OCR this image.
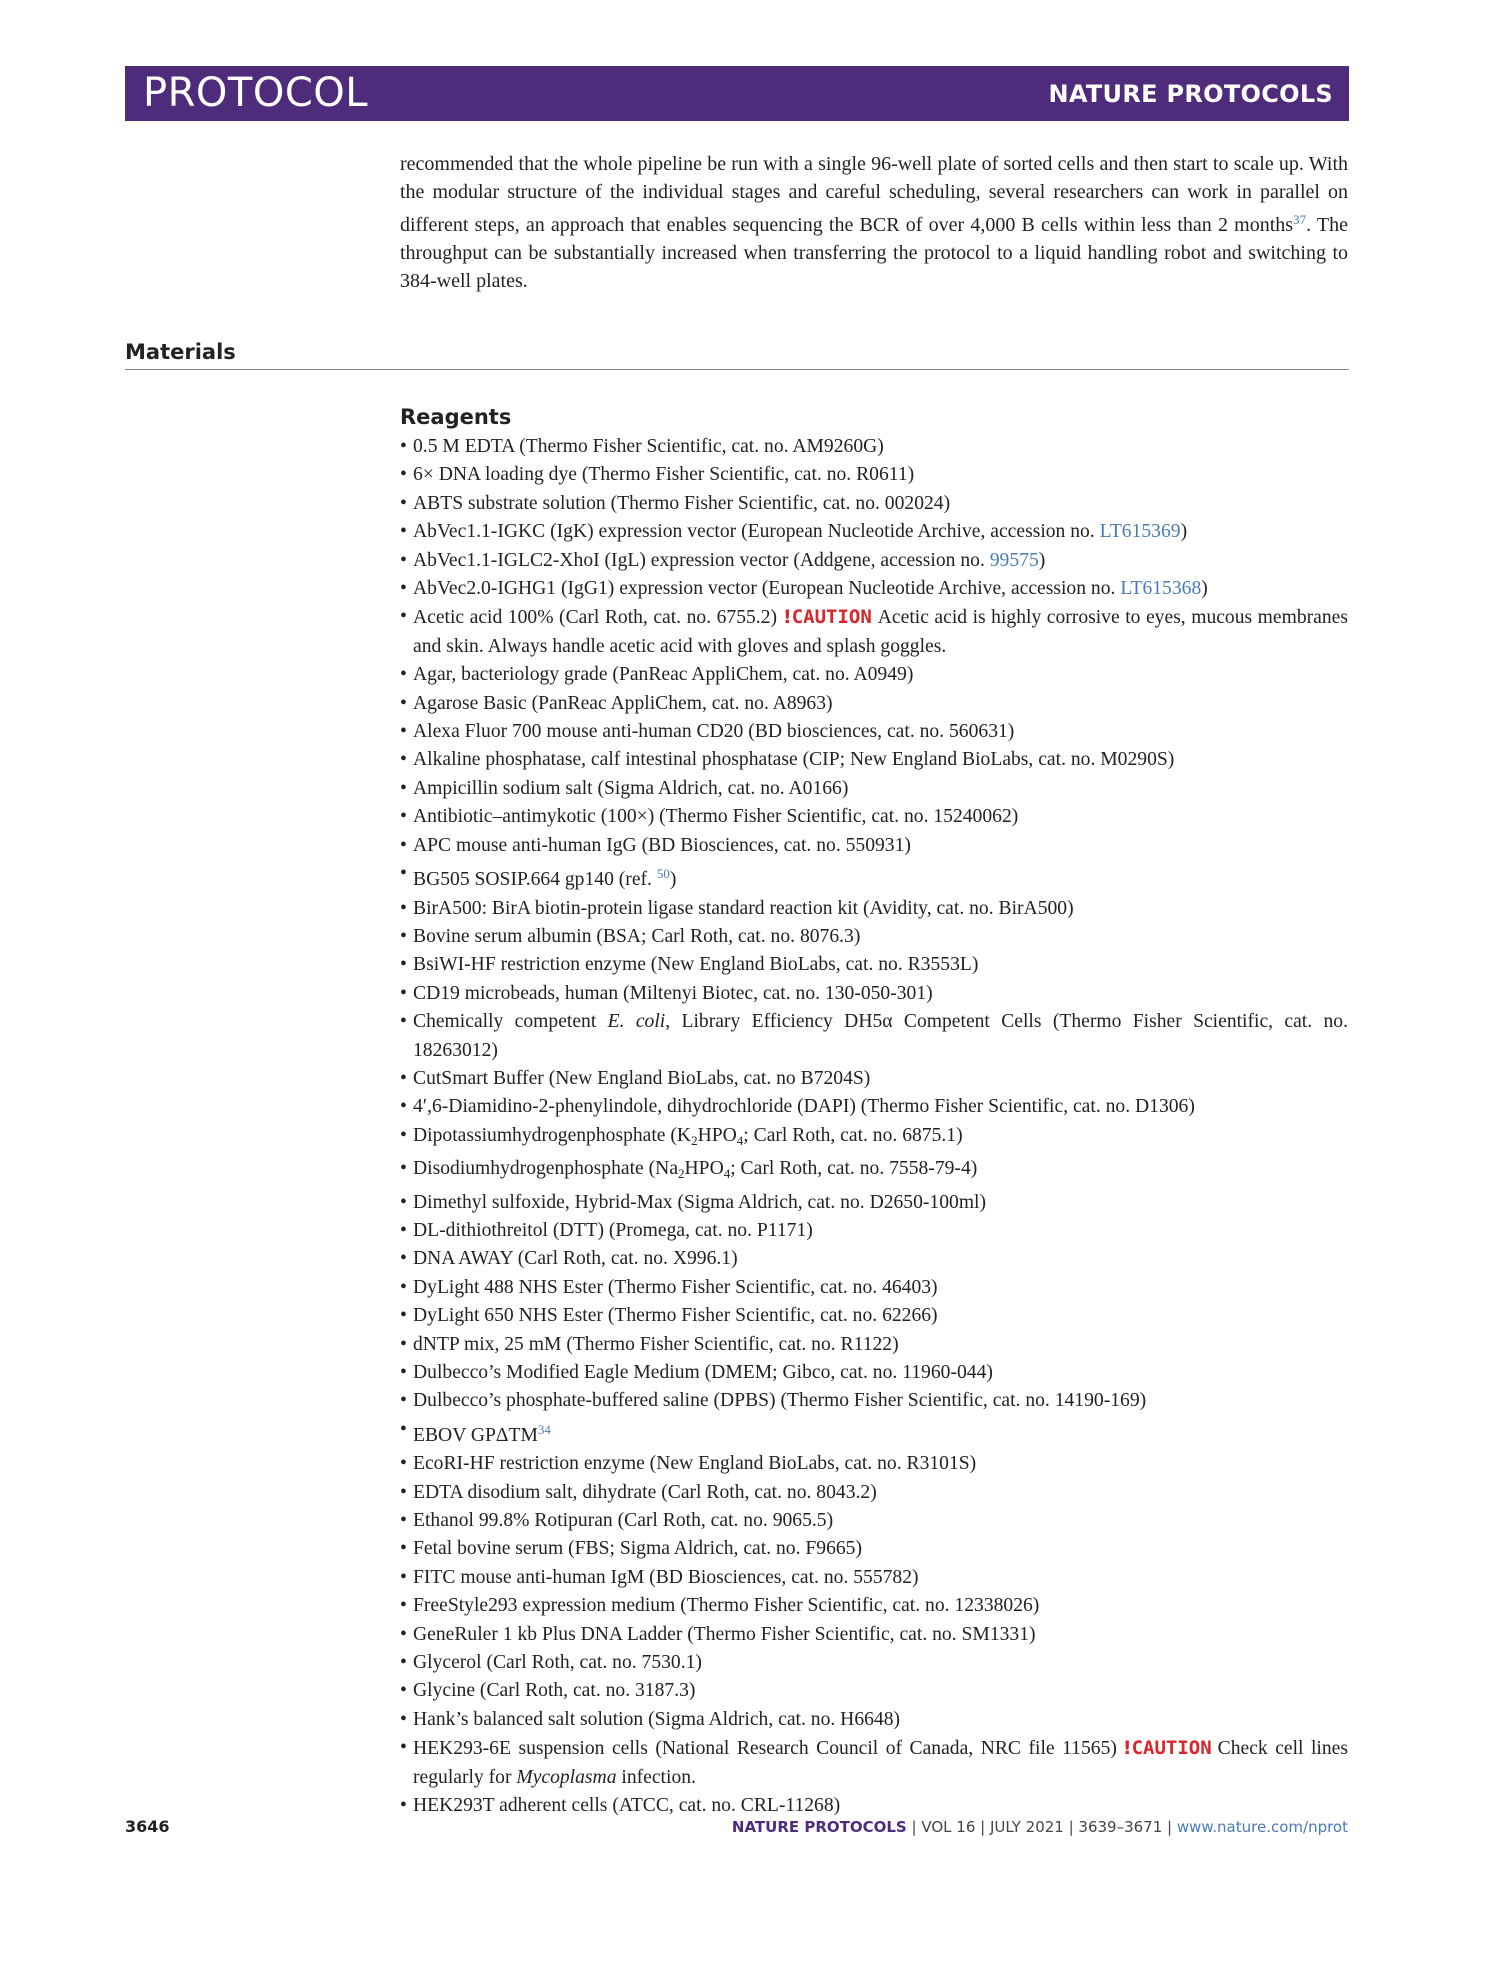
PROTOCOL	NATURE PROTOCOLS

recommended that the whole pipeline be run with a single 96-well plate of sorted cells and then start to scale up. With the modular structure of the individual stages and careful scheduling, several researchers can work in parallel on different steps, an approach that enables sequencing the BCR of over 4,000 B cells within less than 2 months$^{37}$. The throughput can be substantially increased when transferring the protocol to a liquid handling robot and switching to 384-well plates.

Materials
Reagents
• 0.5 M EDTA (Thermo Fisher Scientific, cat. no. AM9260G)
• 6× DNA loading dye (Thermo Fisher Scientific, cat. no. R0611)
• ABTS substrate solution (Thermo Fisher Scientific, cat. no. 002024)
• AbVec1.1-IGKC (IgK) expression vector (European Nucleotide Archive, accession no. LT615369)
• AbVec1.1-IGLC2-XhoI (IgL) expression vector (Addgene, accession no. 99575)
• AbVec2.0-IGHG1 (IgG1) expression vector (European Nucleotide Archive, accession no. LT615368)
• Acetic acid 100% (Carl Roth, cat. no. 6755.2) !CAUTION Acetic acid is highly corrosive to eyes, mucous membranes and skin. Always handle acetic acid with gloves and splash goggles.
• Agar, bacteriology grade (PanReac AppliChem, cat. no. A0949)
• Agarose Basic (PanReac AppliChem, cat. no. A8963)
• Alexa Fluor 700 mouse anti-human CD20 (BD biosciences, cat. no. 560631)
• Alkaline phosphatase, calf intestinal phosphatase (CIP; New England BioLabs, cat. no. M0290S)
• Ampicillin sodium salt (Sigma Aldrich, cat. no. A0166)
• Antibiotic–antimykotic (100×) (Thermo Fisher Scientific, cat. no. 15240062)
• APC mouse anti-human IgG (BD Biosciences, cat. no. 550931)
• BG505 SOSIP.664 gp140 (ref. $^{50}$)
• BirA500: BirA biotin-protein ligase standard reaction kit (Avidity, cat. no. BirA500)
• Bovine serum albumin (BSA; Carl Roth, cat. no. 8076.3)
• BsiWI-HF restriction enzyme (New England BioLabs, cat. no. R3553L)
• CD19 microbeads, human (Miltenyi Biotec, cat. no. 130-050-301)
• Chemically competent E. coli, Library Efficiency DH5α Competent Cells (Thermo Fisher Scientific, cat. no. 18263012)
• CutSmart Buffer (New England BioLabs, cat. no B7204S)
• 4′,6-Diamidino-2-phenylindole, dihydrochloride (DAPI) (Thermo Fisher Scientific, cat. no. D1306)
• Dipotassiumhydrogenphosphate ($K_2HPO_4$; Carl Roth, cat. no. 6875.1)
• Disodiumhydrogenphosphate ($Na_2HPO_4$; Carl Roth, cat. no. 7558-79-4)
• Dimethyl sulfoxide, Hybrid-Max (Sigma Aldrich, cat. no. D2650-100ml)
• DL-dithiothreitol (DTT) (Promega, cat. no. P1171)
• DNA AWAY (Carl Roth, cat. no. X996.1)
• DyLight 488 NHS Ester (Thermo Fisher Scientific, cat. no. 46403)
• DyLight 650 NHS Ester (Thermo Fisher Scientific, cat. no. 62266)
• dNTP mix, 25 mM (Thermo Fisher Scientific, cat. no. R1122)
• Dulbecco’s Modified Eagle Medium (DMEM; Gibco, cat. no. 11960-044)
• Dulbecco’s phosphate-buffered saline (DPBS) (Thermo Fisher Scientific, cat. no. 14190-169)
• EBOV GPΔTM$^{34}$
• EcoRI-HF restriction enzyme (New England BioLabs, cat. no. R3101S)
• EDTA disodium salt, dihydrate (Carl Roth, cat. no. 8043.2)
• Ethanol 99.8% Rotipuran (Carl Roth, cat. no. 9065.5)
• Fetal bovine serum (FBS; Sigma Aldrich, cat. no. F9665)
• FITC mouse anti-human IgM (BD Biosciences, cat. no. 555782)
• FreeStyle293 expression medium (Thermo Fisher Scientific, cat. no. 12338026)
• GeneRuler 1 kb Plus DNA Ladder (Thermo Fisher Scientific, cat. no. SM1331)
• Glycerol (Carl Roth, cat. no. 7530.1)
• Glycine (Carl Roth, cat. no. 3187.3)
• Hank’s balanced salt solution (Sigma Aldrich, cat. no. H6648)
• HEK293-6E suspension cells (National Research Council of Canada, NRC file 11565) !CAUTION Check cell lines regularly for Mycoplasma infection.
• HEK293T adherent cells (ATCC, cat. no. CRL-11268)
3646	NATURE PROTOCOLS | VOL 16 | JULY 2021 | 3639–3671 | www.nature.com/nprot
